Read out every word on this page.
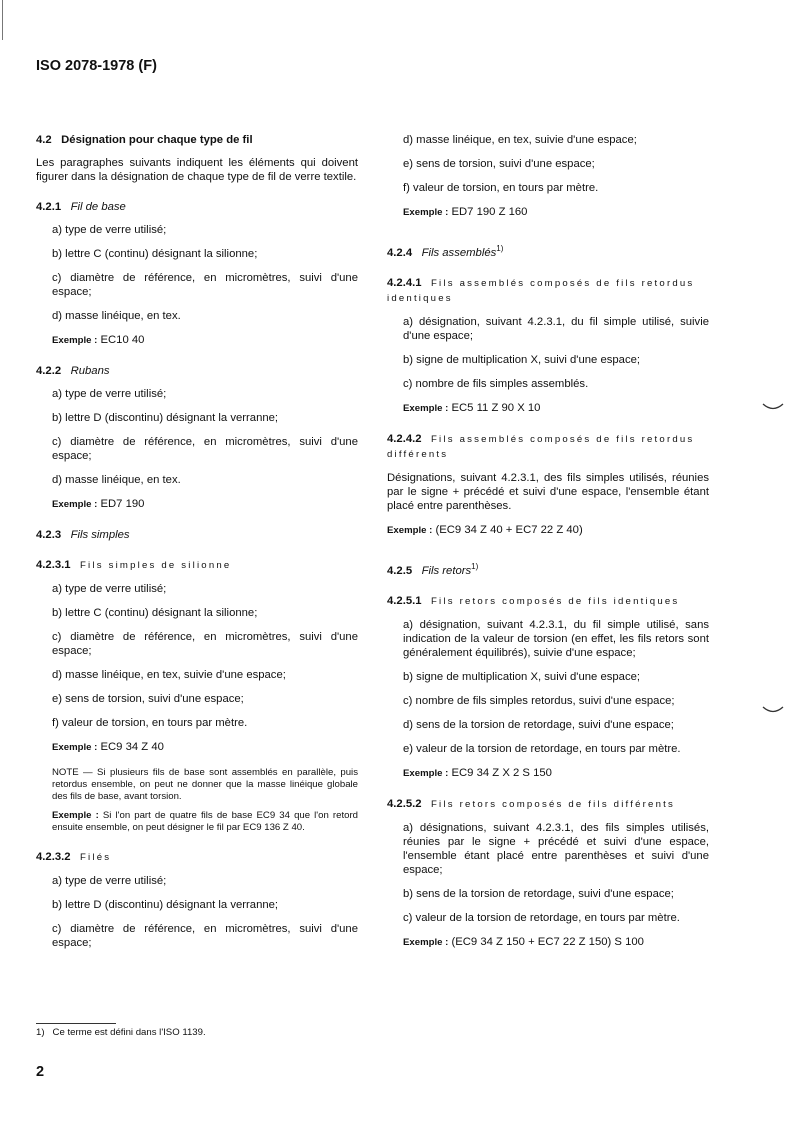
ISO 2078-1978 (F)
4.2 Désignation pour chaque type de fil

Les paragraphes suivants indiquent les éléments qui doivent figurer dans la désignation de chaque type de fil de verre textile.

4.2.1 Fil de base

a) type de verre utilisé;

b) lettre C (continu) désignant la silionne;

c) diamètre de référence, en micromètres, suivi d'une espace;

d) masse linéique, en tex.

Exemple : EC10 40

4.2.2 Rubans

a) type de verre utilisé;

b) lettre D (discontinu) désignant la verranne;

c) diamètre de référence, en micromètres, suivi d'une espace;

d) masse linéique, en tex.

Exemple : ED7 190

4.2.3 Fils simples
4.2.3.1 Fils simples de silionne

a) type de verre utilisé;

b) lettre C (continu) désignant la silionne;

c) diamètre de référence, en micromètres, suivi d'une espace;

d) masse linéique, en tex, suivie d'une espace;

e) sens de torsion, suivi d'une espace;

f) valeur de torsion, en tours par mètre.

Exemple : EC9 34 Z 40

NOTE — Si plusieurs fils de base sont assemblés en parallèle, puis retordus ensemble, on peut ne donner que la masse linéique globale des fils de base, avant torsion.

Exemple : Si l'on part de quatre fils de base EC9 34 que l'on retord ensuite ensemble, on peut désigner le fil par EC9 136 Z 40.

4.2.3.2 Filés

a) type de verre utilisé;

b) lettre D (discontinu) désignant la verranne;

c) diamètre de référence, en micromètres, suivi d'une espace;

d) masse linéique, en tex, suivie d'une espace;

e) sens de torsion, suivi d'une espace;

f) valeur de torsion, en tours par mètre.

Exemple : ED7 190 Z 160

4.2.4 Fils assemblés$^{1)}$
4.2.4.1 Fils assemblés composés de fils retordus identiques

a) désignation, suivant 4.2.3.1, du fil simple utilisé, suivie d'une espace;

b) signe de multiplication X, suivi d'une espace;

c) nombre de fils simples assemblés.

Exemple : EC5 11 Z 90 X 10

4.2.4.2 Fils assemblés composés de fils retordus différents

Désignations, suivant 4.2.3.1, des fils simples utilisés, réunies par le signe + précédé et suivi d'une espace, l'ensemble étant placé entre parenthèses.

Exemple : (EC9 34 Z 40 + EC7 22 Z 40)

4.2.5 Fils retors$^{1)}$
4.2.5.1 Fils retors composés de fils identiques

a) désignation, suivant 4.2.3.1, du fil simple utilisé, sans indication de la valeur de torsion (en effet, les fils retors sont généralement équilibrés), suivie d'une espace;

b) signe de multiplication X, suivi d'une espace;

c) nombre de fils simples retordus, suivi d'une espace;

d) sens de la torsion de retordage, suivi d'une espace;

e) valeur de la torsion de retordage, en tours par mètre.

Exemple : EC9 34 Z X 2 S 150

4.2.5.2 Fils retors composés de fils différents

a) désignations, suivant 4.2.3.1, des fils simples utilisés, réunies par le signe + précédé et suivi d'une espace, l'ensemble étant placé entre parenthèses et suivi d'une espace;

b) sens de la torsion de retordage, suivi d'une espace;

c) valeur de la torsion de retordage, en tours par mètre.

Exemple : (EC9 34 Z 150 + EC7 22 Z 150) S 100

1) Ce terme est défini dans l'ISO 1139.
2
